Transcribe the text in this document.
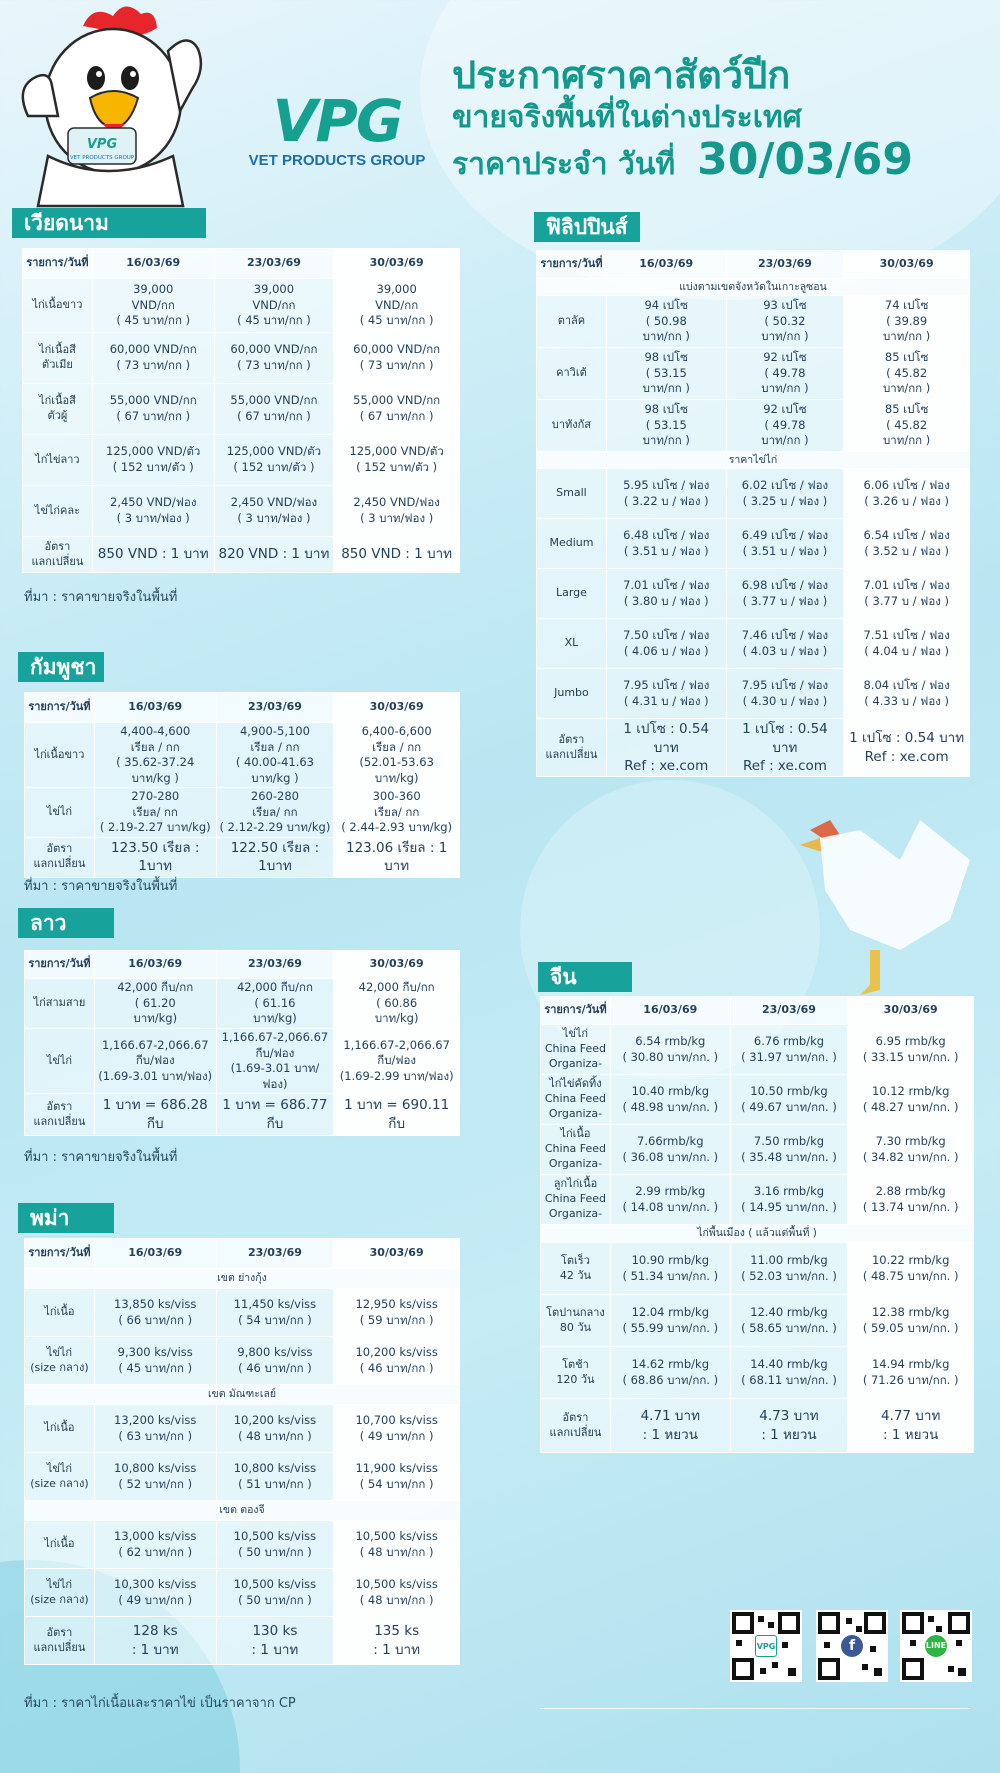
VPG
VET PRODUCTS GROUP
VPG
VET PRODUCTS GROUP
ประกาศราคาสัตว์ปีก
ขายจริงพื้นที่ในต่างประเทศ
ราคาประจำ วันที่ 30/03/69
เวียดนาม
รายการ/วันที่	16/03/69	23/03/69	30/03/69
ไก่เนื้อขาว	39,000
VND/กก
( 45 บาท/กก )	39,000
VND/กก
( 45 บาท/กก )	39,000
VND/กก
( 45 บาท/กก )
ไก่เนื้อสี
ตัวเมีย	60,000 VND/กก
( 73 บาท/กก )	60,000 VND/กก
( 73 บาท/กก )	60,000 VND/กก
( 73 บาท/กก )
ไก่เนื้อสี
ตัวผู้	55,000 VND/กก
( 67 บาท/กก )	55,000 VND/กก
( 67 บาท/กก )	55,000 VND/กก
( 67 บาท/กก )
ไก่ไข่ลาว	125,000 VND/ตัว
( 152 บาท/ตัว )	125,000 VND/ตัว
( 152 บาท/ตัว )	125,000 VND/ตัว
( 152 บาท/ตัว )
ไข่ไก่คละ	2,450 VND/ฟอง
( 3 บาท/ฟอง )	2,450 VND/ฟอง
( 3 บาท/ฟอง )	2,450 VND/ฟอง
( 3 บาท/ฟอง )
อัตรา
แลกเปลี่ยน	850 VND : 1 บาท	820 VND : 1 บาท	850 VND : 1 บาท
ที่มา : ราคาขายจริงในพื้นที่
กัมพูชา
รายการ/วันที่	16/03/69	23/03/69	30/03/69
ไก่เนื้อขาว	4,400-4,600
เรียล / กก
( 35.62-37.24 บาท/kg )	4,900-5,100
เรียล / กก
( 40.00-41.63 บาท/kg )	6,400-6,600
เรียล / กก
(52.01-53.63 บาท/kg)
ไข่ไก่	270-280
เรียล/ กก
( 2.19-2.27 บาท/kg)	260-280
เรียล/ กก
( 2.12-2.29 บาท/kg)	300-360
เรียล/ กก
( 2.44-2.93 บาท/kg)
อัตรา
แลกเปลี่ยน	123.50 เรียล : 1บาท	122.50 เรียล : 1บาท	123.06 เรียล : 1 บาท
ที่มา : ราคาขายจริงในพื้นที่
ลาว
รายการ/วันที่	16/03/69	23/03/69	30/03/69
ไก่สามสาย	42,000 กีบ/กก
( 61.20
บาท/kg)	42,000 กีบ/กก
( 61.16
บาท/kg)	42,000 กีบ/กก
( 60.86
บาท/kg)
ไข่ไก่	1,166.67-2,066.67
กีบ/ฟอง
(1.69-3.01 บาท/ฟอง)	1,166.67-2,066.67
กีบ/ฟอง
(1.69-3.01 บาท/ฟอง)	1,166.67-2,066.67
กีบ/ฟอง
(1.69-2.99 บาท/ฟอง)
อัตรา
แลกเปลี่ยน	1 บาท = 686.28 กีบ	1 บาท = 686.77 กีบ	1 บาท = 690.11 กีบ
ที่มา : ราคาขายจริงในพื้นที่
พม่า
รายการ/วันที่	16/03/69	23/03/69	30/03/69
เขต ย่างกุ้ง			
ไก่เนื้อ	13,850 ks/viss
( 66 บาท/กก )	11,450 ks/viss
( 54 บาท/กก )	12,950 ks/viss
( 59 บาท/กก )
ไข่ไก่
(size กลาง)	9,300 ks/viss
( 45 บาท/กก )	9,800 ks/viss
( 46 บาท/กก )	10,200 ks/viss
( 46 บาท/กก )
เขต มัณฑะเลย์			
ไก่เนื้อ	13,200 ks/viss
( 63 บาท/กก )	10,200 ks/viss
( 48 บาท/กก )	10,700 ks/viss
( 49 บาท/กก )
ไข่ไก่
(size กลาง)	10,800 ks/viss
( 52 บาท/กก )	10,800 ks/viss
( 51 บาท/กก )	11,900 ks/viss
( 54 บาท/กก )
เขต ตองจี			
ไก่เนื้อ	13,000 ks/viss
( 62 บาท/กก )	10,500 ks/viss
( 50 บาท/กก )	10,500 ks/viss
( 48 บาท/กก )
ไข่ไก่
(size กลาง)	10,300 ks/viss
( 49 บาท/กก )	10,500 ks/viss
( 50 บาท/กก )	10,500 ks/viss
( 48 บาท/กก )
อัตรา
แลกเปลี่ยน	128 ks
: 1 บาท	130 ks
: 1 บาท	135 ks
: 1 บาท
ที่มา : ราคาไก่เนื้อและราคาไข่ เป็นราคาจาก CP
ฟิลิปปินส์
รายการ/วันที่	16/03/69	23/03/69	30/03/69
แบ่งตามเขตจังหวัดในเกาะลูซอน			
ตาลัค	94 เปโซ
( 50.98
บาท/กก )	93 เปโซ
( 50.32
บาท/กก )	74 เปโซ
( 39.89
บาท/กก )
คาวิเต้	98 เปโซ
( 53.15
บาท/กก )	92 เปโซ
( 49.78
บาท/กก )	85 เปโซ
( 45.82
บาท/กก )
บาทังกัส	98 เปโซ
( 53.15
บาท/กก )	92 เปโซ
( 49.78
บาท/กก )	85 เปโซ
( 45.82
บาท/กก )
ราคาไข่ไก่			
Small	5.95 เปโซ / ฟอง
( 3.22 บ / ฟอง )	6.02 เปโซ / ฟอง
( 3.25 บ / ฟอง )	6.06 เปโซ / ฟอง
( 3.26 บ / ฟอง )
Medium	6.48 เปโซ / ฟอง
( 3.51 บ / ฟอง )	6.49 เปโซ / ฟอง
( 3.51 บ / ฟอง )	6.54 เปโซ / ฟอง
( 3.52 บ / ฟอง )
Large	7.01 เปโซ / ฟอง
( 3.80 บ / ฟอง )	6.98 เปโซ / ฟอง
( 3.77 บ / ฟอง )	7.01 เปโซ / ฟอง
( 3.77 บ / ฟอง )
XL	7.50 เปโซ / ฟอง
( 4.06 บ / ฟอง )	7.46 เปโซ / ฟอง
( 4.03 บ / ฟอง )	7.51 เปโซ / ฟอง
( 4.04 บ / ฟอง )
Jumbo	7.95 เปโซ / ฟอง
( 4.31 บ / ฟอง )	7.95 เปโซ / ฟอง
( 4.30 บ / ฟอง )	8.04 เปโซ / ฟอง
( 4.33 บ / ฟอง )
อัตรา
แลกเปลี่ยน	1 เปโซ : 0.54 บาท
Ref : xe.com	1 เปโซ : 0.54 บาท
Ref : xe.com	1 เปโซ : 0.54 บาท
Ref : xe.com
จีน
รายการ/วันที่	16/03/69	23/03/69	30/03/69
ไข่ไก่
China Feed
Organiza-	6.54 rmb/kg
( 30.80 บาท/กก. )	6.76 rmb/kg
( 31.97 บาท/กก. )	6.95 rmb/kg
( 33.15 บาท/กก. )
ไก่ไข่คัดทิ้ง
China Feed
Organiza-	10.40 rmb/kg
( 48.98 บาท/กก. )	10.50 rmb/kg
( 49.67 บาท/กก. )	10.12 rmb/kg
( 48.27 บาท/กก. )
ไก่เนื้อ
China Feed
Organiza-	7.66rmb/kg
( 36.08 บาท/กก. )	7.50 rmb/kg
( 35.48 บาท/กก. )	7.30 rmb/kg
( 34.82 บาท/กก. )
ลูกไก่เนื้อ
China Feed
Organiza-	2.99 rmb/kg
( 14.08 บาท/กก. )	3.16 rmb/kg
( 14.95 บาท/กก. )	2.88 rmb/kg
( 13.74 บาท/กก. )
ไก่พื้นเมือง ( แล้วแต่พื้นที่ )			
โตเร็ว
42 วัน	10.90 rmb/kg
( 51.34 บาท/กก. )	11.00 rmb/kg
( 52.03 บาท/กก. )	10.22 rmb/kg
( 48.75 บาท/กก. )
โตปานกลาง
80 วัน	12.04 rmb/kg
( 55.99 บาท/กก. )	12.40 rmb/kg
( 58.65 บาท/กก. )	12.38 rmb/kg
( 59.05 บาท/กก. )
โตช้า
120 วัน	14.62 rmb/kg
( 68.86 บาท/กก. )	14.40 rmb/kg
( 68.11 บาท/กก. )	14.94 rmb/kg
( 71.26 บาท/กก. )
อัตรา
แลกเปลี่ยน	4.71 บาท
: 1 หยวน	4.73 บาท
: 1 หยวน	4.77 บาท
: 1 หยวน
VPG	f	LINE
